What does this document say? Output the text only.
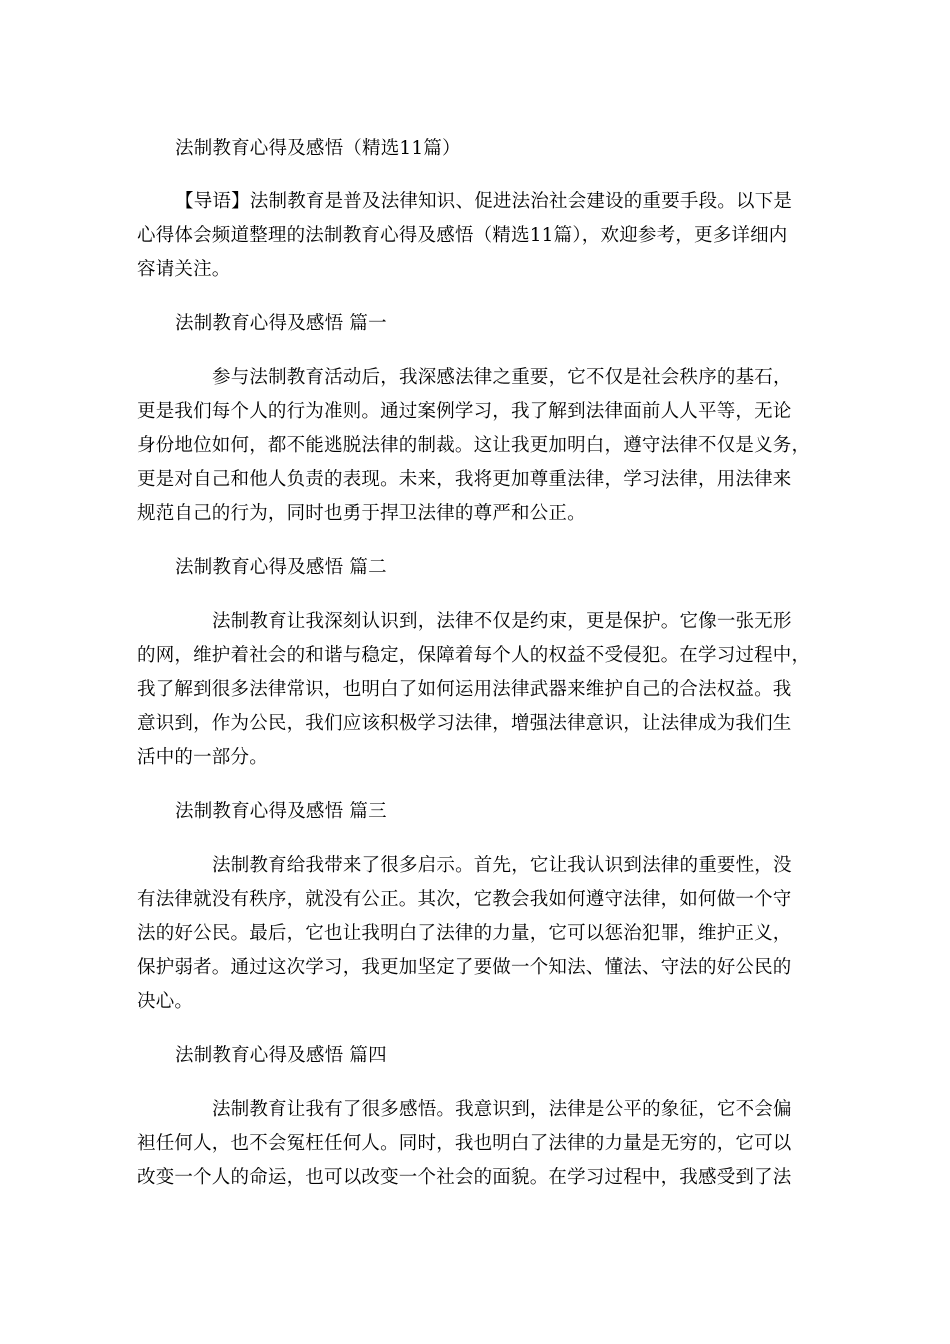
法制教育心得及感悟（精选11篇）
【导语】法制教育是普及法律知识、促进法治社会建设的重要手段。以下是
心得体会频道整理的法制教育心得及感悟（精选11篇），欢迎参考，更多详细内
容请关注。
法制教育心得及感悟 篇一
参与法制教育活动后，我深感法律之重要，它不仅是社会秩序的基石，
更是我们每个人的行为准则。通过案例学习，我了解到法律面前人人平等，无论
身份地位如何，都不能逃脱法律的制裁。这让我更加明白，遵守法律不仅是义务，
更是对自己和他人负责的表现。未来，我将更加尊重法律，学习法律，用法律来
规范自己的行为，同时也勇于捍卫法律的尊严和公正。
法制教育心得及感悟 篇二
法制教育让我深刻认识到，法律不仅是约束，更是保护。它像一张无形
的网，维护着社会的和谐与稳定，保障着每个人的权益不受侵犯。在学习过程中，
我了解到很多法律常识，也明白了如何运用法律武器来维护自己的合法权益。我
意识到，作为公民，我们应该积极学习法律，增强法律意识，让法律成为我们生
活中的一部分。
法制教育心得及感悟 篇三
法制教育给我带来了很多启示。首先，它让我认识到法律的重要性，没
有法律就没有秩序，就没有公正。其次，它教会我如何遵守法律，如何做一个守
法的好公民。最后，它也让我明白了法律的力量，它可以惩治犯罪，维护正义，
保护弱者。通过这次学习，我更加坚定了要做一个知法、懂法、守法的好公民的
决心。
法制教育心得及感悟 篇四
法制教育让我有了很多感悟。我意识到，法律是公平的象征，它不会偏
袒任何人，也不会冤枉任何人。同时，我也明白了法律的力量是无穷的，它可以
改变一个人的命运，也可以改变一个社会的面貌。在学习过程中，我感受到了法
